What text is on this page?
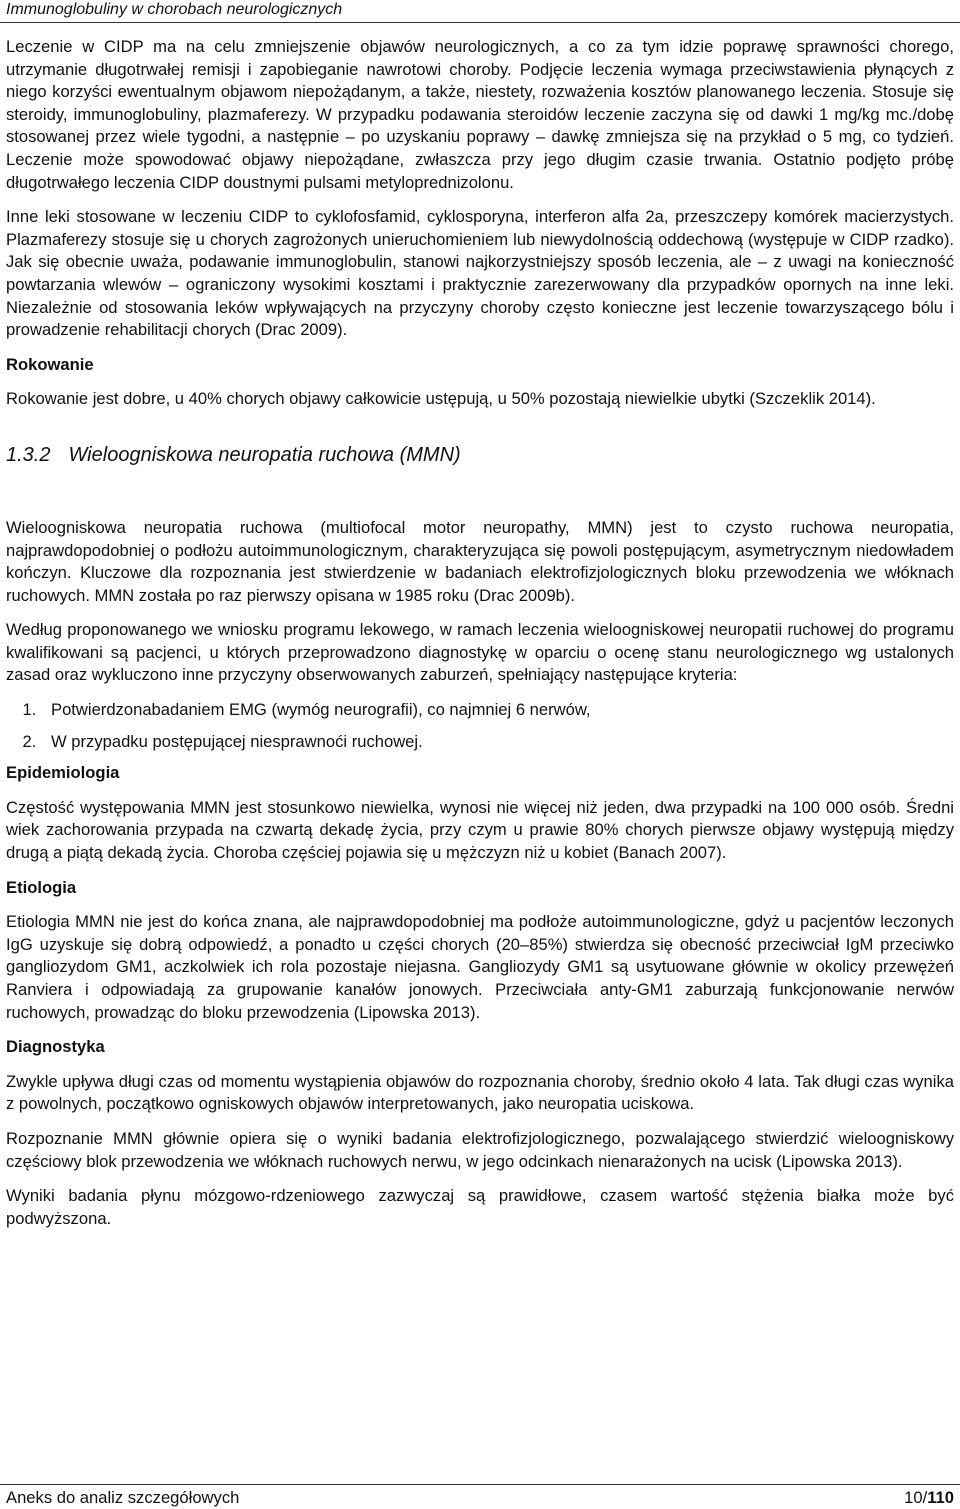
Immunoglobuliny w chorobach neurologicznych

Leczenie w CIDP ma na celu zmniejszenie objawów neurologicznych, a co za tym idzie poprawę sprawności chorego, utrzymanie długotrwałej remisji i zapobieganie nawrotowi choroby. Podjęcie leczenia wymaga przeciwstawienia płynących z niego korzyści ewentualnym objawom niepożądanym, a także, niestety, rozważenia kosztów planowanego leczenia. Stosuje się steroidy, immunoglobuliny, plazmaferezy. W przypadku podawania steroidów leczenie zaczyna się od dawki 1 mg/kg mc./dobę stosowanej przez wiele tygodni, a następnie – po uzyskaniu poprawy – dawkę zmniejsza się na przykład o 5 mg, co tydzień. Leczenie może spowodować objawy niepożądane, zwłaszcza przy jego długim czasie trwania. Ostatnio podjęto próbę długotrwałego leczenia CIDP doustnymi pulsami metyloprednizolonu.

Inne leki stosowane w leczeniu CIDP to cyklofosfamid, cyklosporyna, interferon alfa 2a, przeszczepy komórek macierzystych. Plazmaferezy stosuje się u chorych zagrożonych unieruchomieniem lub niewydolnością oddechową (występuje w CIDP rzadko). Jak się obecnie uważa, podawanie immunoglobulin, stanowi najkorzystniejszy sposób leczenia, ale – z uwagi na konieczność powtarzania wlewów – ograniczony wysokimi kosztami i praktycznie zarezerwowany dla przypadków opornych na inne leki. Niezależnie od stosowania leków wpływających na przyczyny choroby często konieczne jest leczenie towarzyszącego bólu i prowadzenie rehabilitacji chorych (Drac 2009).

Rokowanie

Rokowanie jest dobre, u 40% chorych objawy całkowicie ustępują, u 50% pozostają niewielkie ubytki (Szczeklik 2014).

1.3.2 Wieloogniskowa neuropatia ruchowa (MMN)

Wieloogniskowa neuropatia ruchowa (multiofocal motor neuropathy, MMN) jest to czysto ruchowa neuropatia, najprawdopodobniej o podłożu autoimmunologicznym, charakteryzująca się powoli postępującym, asymetrycznym niedowładem kończyn. Kluczowe dla rozpoznania jest stwierdzenie w badaniach elektrofizjologicznych bloku przewodzenia we włóknach ruchowych. MMN została po raz pierwszy opisana w 1985 roku (Drac 2009b).

Według proponowanego we wniosku programu lekowego, w ramach leczenia wieloogniskowej neuropatii ruchowej do programu kwalifikowani są pacjenci, u których przeprowadzono diagnostykę w oparciu o ocenę stanu neurologicznego wg ustalonych zasad oraz wykluczono inne przyczyny obserwowanych zaburzeń, spełniający następujące kryteria:

1. Potwierdzonabadaniem EMG (wymóg neurografii), co najmniej 6 nerwów,
2. W przypadku postępującej niesprawnoći ruchowej.
Epidemiologia

Częstość występowania MMN jest stosunkowo niewielka, wynosi nie więcej niż jeden, dwa przypadki na 100 000 osób. Średni wiek zachorowania przypada na czwartą dekadę życia, przy czym u prawie 80% chorych pierwsze objawy występują między drugą a piątą dekadą życia. Choroba częściej pojawia się u mężczyzn niż u kobiet (Banach 2007).

Etiologia

Etiologia MMN nie jest do końca znana, ale najprawdopodobniej ma podłoże autoimmunologiczne, gdyż u pacjentów leczonych IgG uzyskuje się dobrą odpowiedź, a ponadto u części chorych (20–85%) stwierdza się obecność przeciwciał IgM przeciwko gangliozydom GM1, aczkolwiek ich rola pozostaje niejasna. Gangliozydy GM1 są usytuowane głównie w okolicy przewężeń Ranviera i odpowiadają za grupowanie kanałów jonowych. Przeciwciała anty-GM1 zaburzają funkcjonowanie nerwów ruchowych, prowadząc do bloku przewodzenia (Lipowska 2013).

Diagnostyka

Zwykle upływa długi czas od momentu wystąpienia objawów do rozpoznania choroby, średnio około 4 lata. Tak długi czas wynika z powolnych, początkowo ogniskowych objawów interpretowanych, jako neuropatia uciskowa.

Rozpoznanie MMN głównie opiera się o wyniki badania elektrofizjologicznego, pozwalającego stwierdzić wieloogniskowy częściowy blok przewodzenia we włóknach ruchowych nerwu, w jego odcinkach nienarażonych na ucisk (Lipowska 2013).

Wyniki badania płynu mózgowo-rdzeniowego zazwyczaj są prawidłowe, czasem wartość stężenia białka może być podwyższona.

Aneks do analiz szczegółowych	10/110
